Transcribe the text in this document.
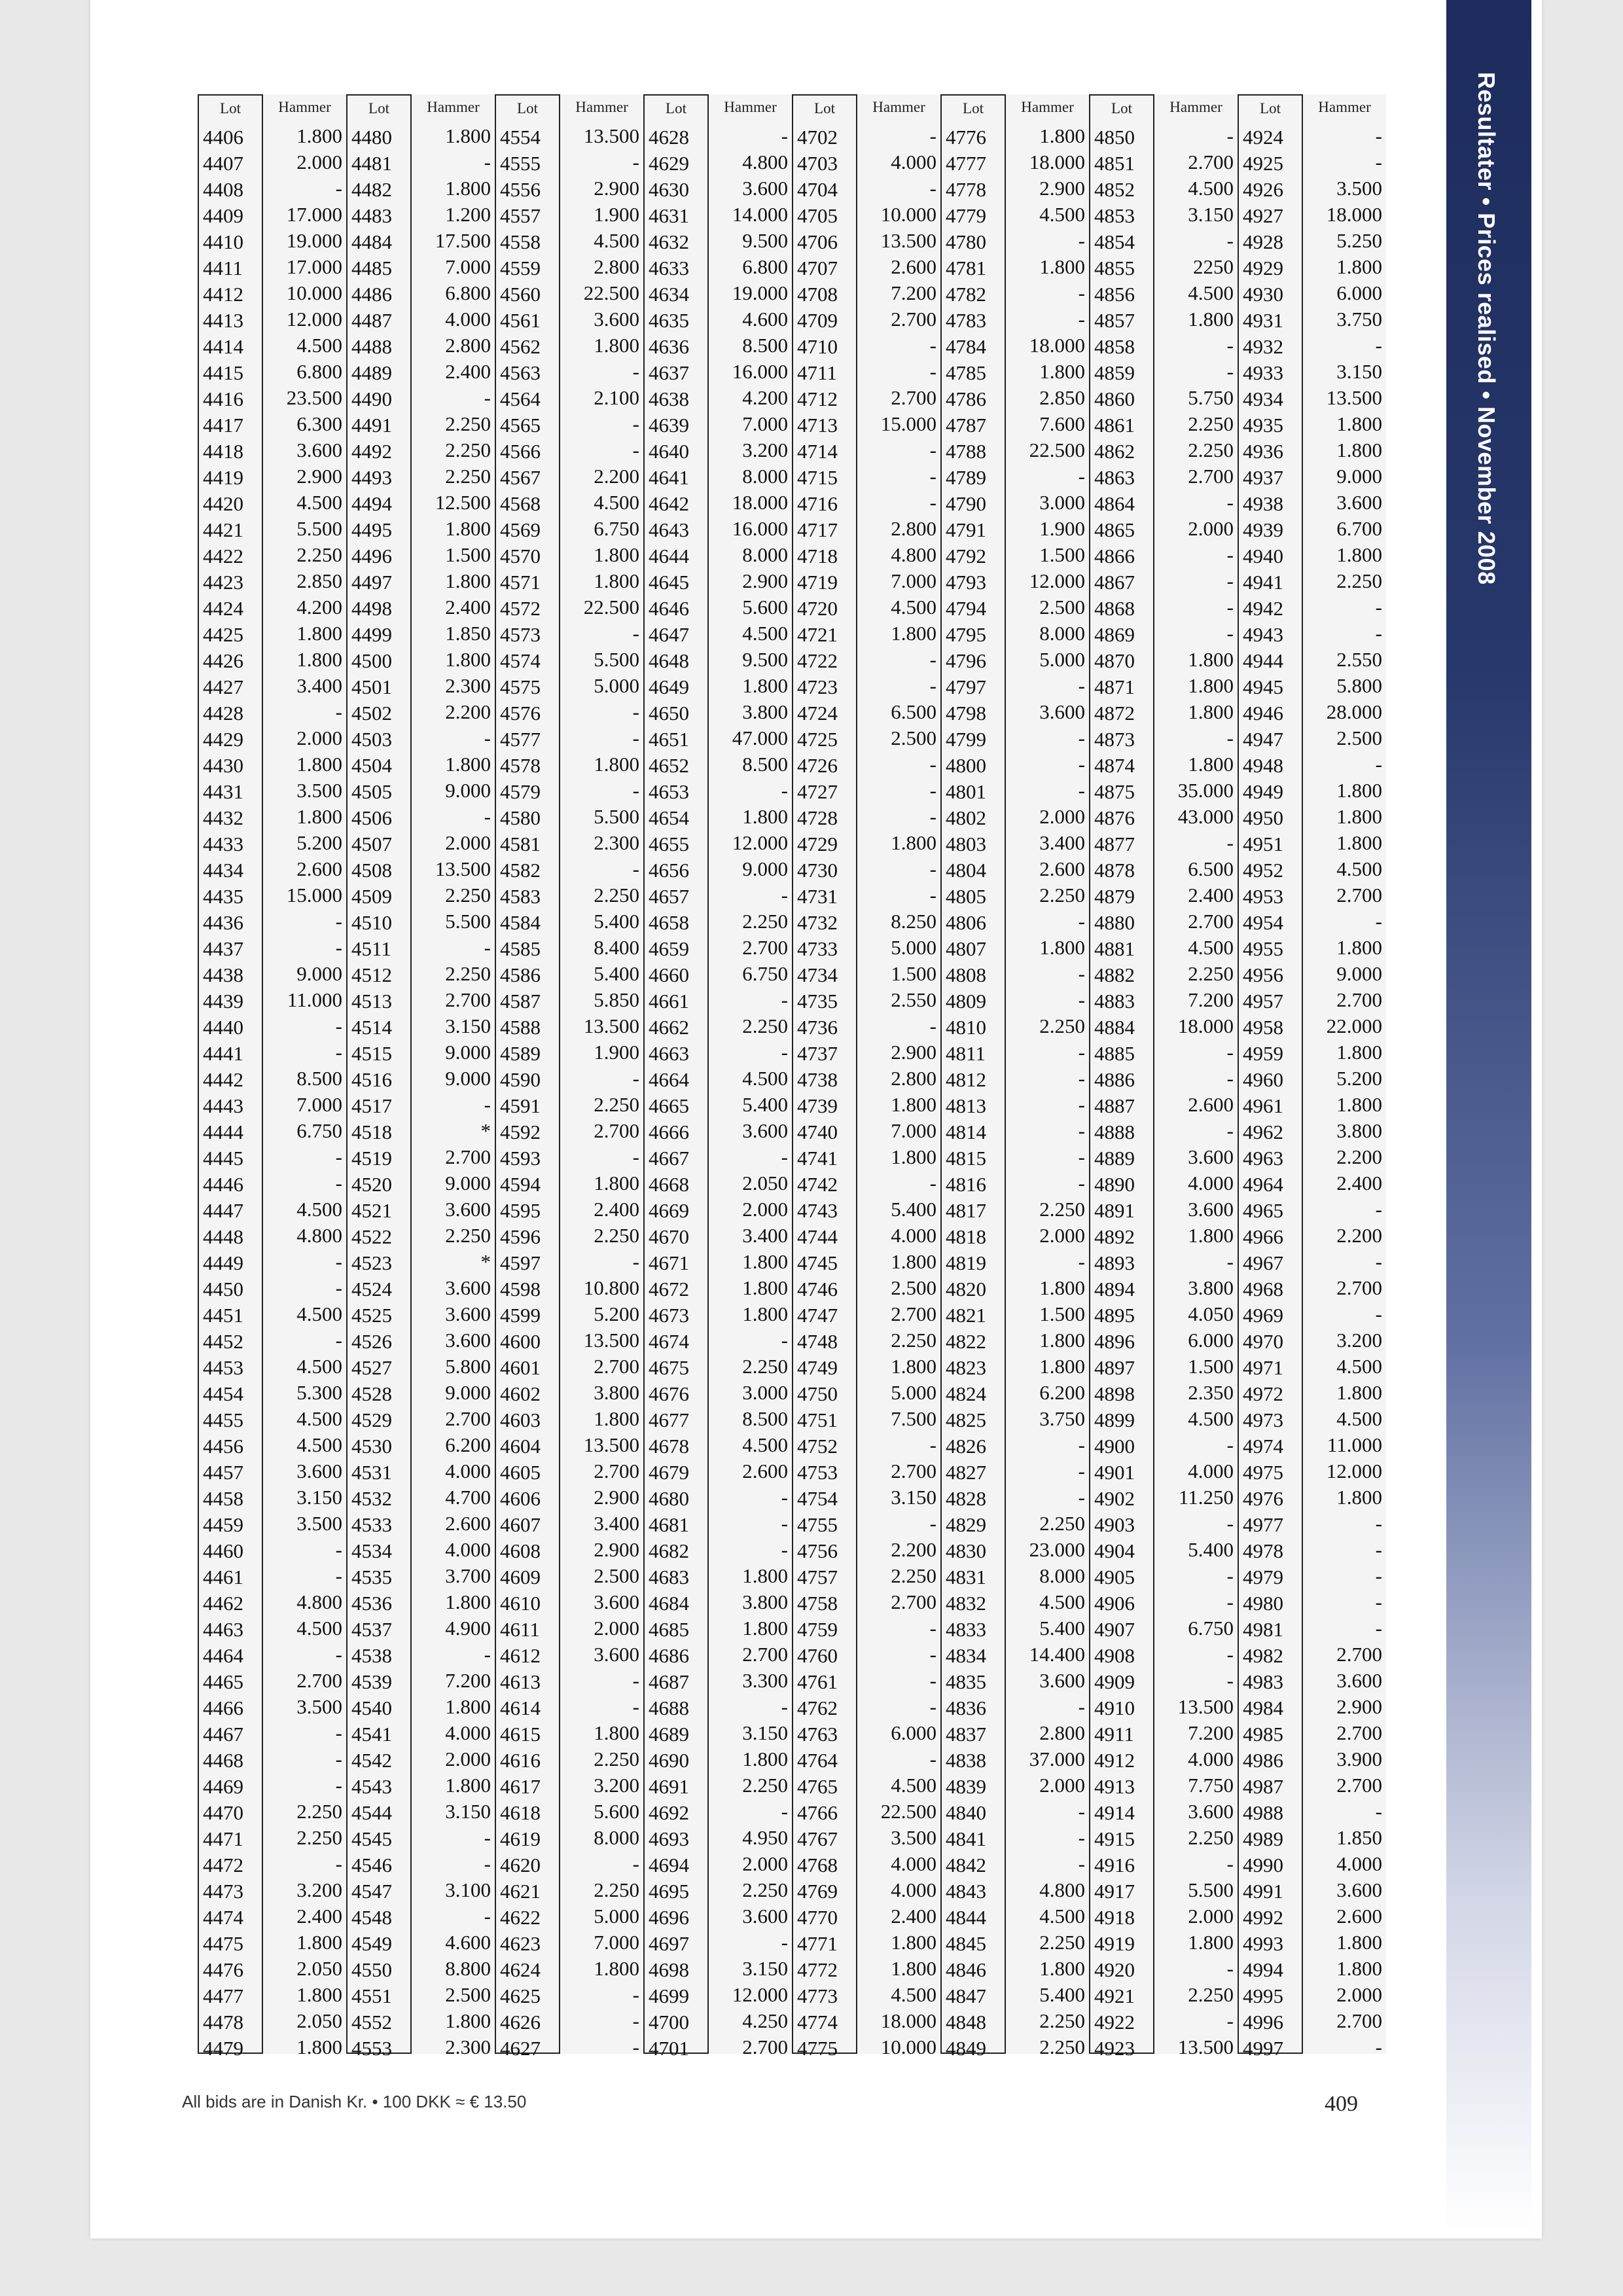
Resultater • Prices realised • November 2008
Lot
4406
4407
4408
4409
4410
4411
4412
4413
4414
4415
4416
4417
4418
4419
4420
4421
4422
4423
4424
4425
4426
4427
4428
4429
4430
4431
4432
4433
4434
4435
4436
4437
4438
4439
4440
4441
4442
4443
4444
4445
4446
4447
4448
4449
4450
4451
4452
4453
4454
4455
4456
4457
4458
4459
4460
4461
4462
4463
4464
4465
4466
4467
4468
4469
4470
4471
4472
4473
4474
4475
4476
4477
4478
4479
Hammer
1.800
2.000
-
17.000
19.000
17.000
10.000
12.000
4.500
6.800
23.500
6.300
3.600
2.900
4.500
5.500
2.250
2.850
4.200
1.800
1.800
3.400
-
2.000
1.800
3.500
1.800
5.200
2.600
15.000
-
-
9.000
11.000
-
-
8.500
7.000
6.750
-
-
4.500
4.800
-
-
4.500
-
4.500
5.300
4.500
4.500
3.600
3.150
3.500
-
-
4.800
4.500
-
2.700
3.500
-
-
-
2.250
2.250
-
3.200
2.400
1.800
2.050
1.800
2.050
1.800
Lot
4480
4481
4482
4483
4484
4485
4486
4487
4488
4489
4490
4491
4492
4493
4494
4495
4496
4497
4498
4499
4500
4501
4502
4503
4504
4505
4506
4507
4508
4509
4510
4511
4512
4513
4514
4515
4516
4517
4518
4519
4520
4521
4522
4523
4524
4525
4526
4527
4528
4529
4530
4531
4532
4533
4534
4535
4536
4537
4538
4539
4540
4541
4542
4543
4544
4545
4546
4547
4548
4549
4550
4551
4552
4553
Hammer
1.800
-
1.800
1.200
17.500
7.000
6.800
4.000
2.800
2.400
-
2.250
2.250
2.250
12.500
1.800
1.500
1.800
2.400
1.850
1.800
2.300
2.200
-
1.800
9.000
-
2.000
13.500
2.250
5.500
-
2.250
2.700
3.150
9.000
9.000
-
*
2.700
9.000
3.600
2.250
*
3.600
3.600
3.600
5.800
9.000
2.700
6.200
4.000
4.700
2.600
4.000
3.700
1.800
4.900
-
7.200
1.800
4.000
2.000
1.800
3.150
-
-
3.100
-
4.600
8.800
2.500
1.800
2.300
Lot
4554
4555
4556
4557
4558
4559
4560
4561
4562
4563
4564
4565
4566
4567
4568
4569
4570
4571
4572
4573
4574
4575
4576
4577
4578
4579
4580
4581
4582
4583
4584
4585
4586
4587
4588
4589
4590
4591
4592
4593
4594
4595
4596
4597
4598
4599
4600
4601
4602
4603
4604
4605
4606
4607
4608
4609
4610
4611
4612
4613
4614
4615
4616
4617
4618
4619
4620
4621
4622
4623
4624
4625
4626
4627
Hammer
13.500
-
2.900
1.900
4.500
2.800
22.500
3.600
1.800
-
2.100
-
-
2.200
4.500
6.750
1.800
1.800
22.500
-
5.500
5.000
-
-
1.800
-
5.500
2.300
-
2.250
5.400
8.400
5.400
5.850
13.500
1.900
-
2.250
2.700
-
1.800
2.400
2.250
-
10.800
5.200
13.500
2.700
3.800
1.800
13.500
2.700
2.900
3.400
2.900
2.500
3.600
2.000
3.600
-
-
1.800
2.250
3.200
5.600
8.000
-
2.250
5.000
7.000
1.800
-
-
-
Lot
4628
4629
4630
4631
4632
4633
4634
4635
4636
4637
4638
4639
4640
4641
4642
4643
4644
4645
4646
4647
4648
4649
4650
4651
4652
4653
4654
4655
4656
4657
4658
4659
4660
4661
4662
4663
4664
4665
4666
4667
4668
4669
4670
4671
4672
4673
4674
4675
4676
4677
4678
4679
4680
4681
4682
4683
4684
4685
4686
4687
4688
4689
4690
4691
4692
4693
4694
4695
4696
4697
4698
4699
4700
4701
Hammer
-
4.800
3.600
14.000
9.500
6.800
19.000
4.600
8.500
16.000
4.200
7.000
3.200
8.000
18.000
16.000
8.000
2.900
5.600
4.500
9.500
1.800
3.800
47.000
8.500
-
1.800
12.000
9.000
-
2.250
2.700
6.750
-
2.250
-
4.500
5.400
3.600
-
2.050
2.000
3.400
1.800
1.800
1.800
-
2.250
3.000
8.500
4.500
2.600
-
-
-
1.800
3.800
1.800
2.700
3.300
-
3.150
1.800
2.250
-
4.950
2.000
2.250
3.600
-
3.150
12.000
4.250
2.700
Lot
4702
4703
4704
4705
4706
4707
4708
4709
4710
4711
4712
4713
4714
4715
4716
4717
4718
4719
4720
4721
4722
4723
4724
4725
4726
4727
4728
4729
4730
4731
4732
4733
4734
4735
4736
4737
4738
4739
4740
4741
4742
4743
4744
4745
4746
4747
4748
4749
4750
4751
4752
4753
4754
4755
4756
4757
4758
4759
4760
4761
4762
4763
4764
4765
4766
4767
4768
4769
4770
4771
4772
4773
4774
4775
Hammer
-
4.000
-
10.000
13.500
2.600
7.200
2.700
-
-
2.700
15.000
-
-
-
2.800
4.800
7.000
4.500
1.800
-
-
6.500
2.500
-
-
-
1.800
-
-
8.250
5.000
1.500
2.550
-
2.900
2.800
1.800
7.000
1.800
-
5.400
4.000
1.800
2.500
2.700
2.250
1.800
5.000
7.500
-
2.700
3.150
-
2.200
2.250
2.700
-
-
-
-
6.000
-
4.500
22.500
3.500
4.000
4.000
2.400
1.800
1.800
4.500
18.000
10.000
Lot
4776
4777
4778
4779
4780
4781
4782
4783
4784
4785
4786
4787
4788
4789
4790
4791
4792
4793
4794
4795
4796
4797
4798
4799
4800
4801
4802
4803
4804
4805
4806
4807
4808
4809
4810
4811
4812
4813
4814
4815
4816
4817
4818
4819
4820
4821
4822
4823
4824
4825
4826
4827
4828
4829
4830
4831
4832
4833
4834
4835
4836
4837
4838
4839
4840
4841
4842
4843
4844
4845
4846
4847
4848
4849
Hammer
1.800
18.000
2.900
4.500
-
1.800
-
-
18.000
1.800
2.850
7.600
22.500
-
3.000
1.900
1.500
12.000
2.500
8.000
5.000
-
3.600
-
-
-
2.000
3.400
2.600
2.250
-
1.800
-
-
2.250
-
-
-
-
-
-
2.250
2.000
-
1.800
1.500
1.800
1.800
6.200
3.750
-
-
-
2.250
23.000
8.000
4.500
5.400
14.400
3.600
-
2.800
37.000
2.000
-
-
-
4.800
4.500
2.250
1.800
5.400
2.250
2.250
Lot
4850
4851
4852
4853
4854
4855
4856
4857
4858
4859
4860
4861
4862
4863
4864
4865
4866
4867
4868
4869
4870
4871
4872
4873
4874
4875
4876
4877
4878
4879
4880
4881
4882
4883
4884
4885
4886
4887
4888
4889
4890
4891
4892
4893
4894
4895
4896
4897
4898
4899
4900
4901
4902
4903
4904
4905
4906
4907
4908
4909
4910
4911
4912
4913
4914
4915
4916
4917
4918
4919
4920
4921
4922
4923
Hammer
-
2.700
4.500
3.150
-
2250
4.500
1.800
-
-
5.750
2.250
2.250
2.700
-
2.000
-
-
-
-
1.800
1.800
1.800
-
1.800
35.000
43.000
-
6.500
2.400
2.700
4.500
2.250
7.200
18.000
-
-
2.600
-
3.600
4.000
3.600
1.800
-
3.800
4.050
6.000
1.500
2.350
4.500
-
4.000
11.250
-
5.400
-
-
6.750
-
-
13.500
7.200
4.000
7.750
3.600
2.250
-
5.500
2.000
1.800
-
2.250
-
13.500
Lot
4924
4925
4926
4927
4928
4929
4930
4931
4932
4933
4934
4935
4936
4937
4938
4939
4940
4941
4942
4943
4944
4945
4946
4947
4948
4949
4950
4951
4952
4953
4954
4955
4956
4957
4958
4959
4960
4961
4962
4963
4964
4965
4966
4967
4968
4969
4970
4971
4972
4973
4974
4975
4976
4977
4978
4979
4980
4981
4982
4983
4984
4985
4986
4987
4988
4989
4990
4991
4992
4993
4994
4995
4996
4997
Hammer
-
-
3.500
18.000
5.250
1.800
6.000
3.750
-
3.150
13.500
1.800
1.800
9.000
3.600
6.700
1.800
2.250
-
-
2.550
5.800
28.000
2.500
-
1.800
1.800
1.800
4.500
2.700
-
1.800
9.000
2.700
22.000
1.800
5.200
1.800
3.800
2.200
2.400
-
2.200
-
2.700
-
3.200
4.500
1.800
4.500
11.000
12.000
1.800
-
-
-
-
-
2.700
3.600
2.900
2.700
3.900
2.700
-
1.850
4.000
3.600
2.600
1.800
1.800
2.000
2.700
-
All bids are in Danish Kr. • 100 DKK ≈ € 13.50	409
